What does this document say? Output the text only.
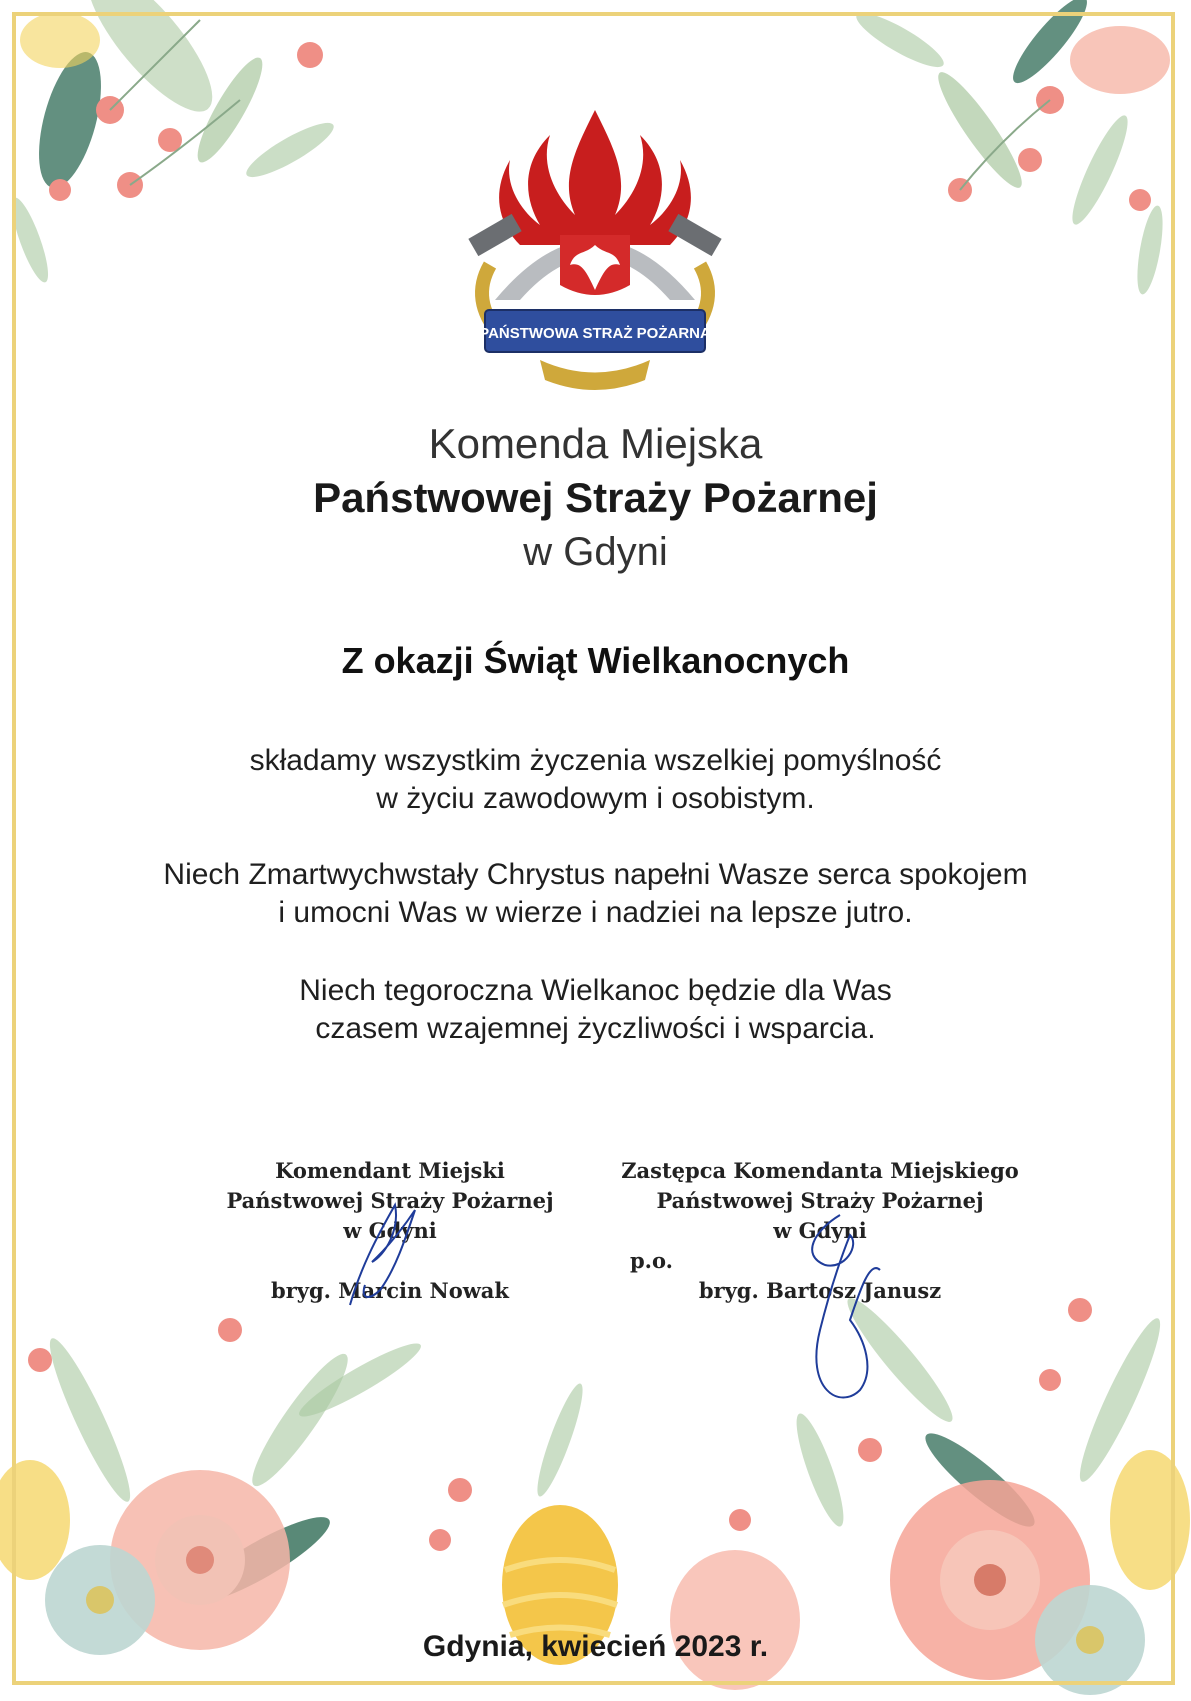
PAŃSTWOWA STRAŻ POŻARNA
Komenda Miejska
Państwowej Straży Pożarnej
w Gdyni
Z okazji Świąt Wielkanocnych
składamy wszystkim życzenia wszelkiej pomyślność
w życiu zawodowym i osobistym.
Niech Zmartwychwstały Chrystus napełni Wasze serca spokojem
i umocni Was w wierze i nadziei na lepsze jutro.
Niech tegoroczna Wielkanoc będzie dla Was
czasem wzajemnej życzliwości i wsparcia.
Komendant Miejski
Państwowej Straży Pożarnej
w Gdyni
bryg. Marcin Nowak
Zastępca Komendanta Miejskiego
Państwowej Straży Pożarnej
w Gdyni
bryg. Bartosz Janusz
p.o.
Gdynia, kwiecień 2023 r.
